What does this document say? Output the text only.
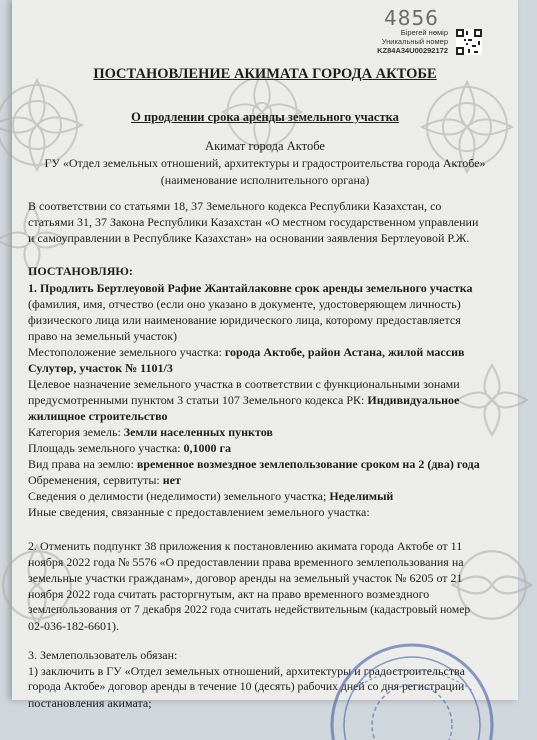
4856
Бірегей нөмір
Уникальный номер
KZ84A34U00292172
ПОСТАНОВЛЕНИЕ АКИМАТА ГОРОДА АКТОБЕ
О продлении срока аренды земельного участка
Акимат города Актобе
ГУ «Отдел земельных отношений, архитектуры и градостроительства города Актобе»
(наименование исполнительного органа)
В соответствии со статьями 18, 37 Земельного кодекса Республики Казахстан, со
статьями 31, 37 Закона Республики Казахстан «О местном государственном управлении
и самоуправлении в Республике Казахстан» на основании заявления Бертлеуовой Р.Ж.
ПОСТАНОВЛЯЮ:
1. Продлить Бертлеуовой Рафие Жантайлаковне срок аренды земельного участка
(фамилия, имя, отчество (если оно указано в документе, удостоверяющем личность)
физического лица или наименование юридического лица, которому предоставляется
право на земельный участок)
Местоположение земельного участка: города Актобе, район Астана, жилой массив
Сулутөр, участок № 1101/3
Целевое назначение земельного участка в соответствии с функциональными зонами
предусмотренными пунктом 3 статьи 107 Земельного кодекса РК: Индивидуальное
жилищное строительство
Категория земель: Земли населенных пунктов
Площадь земельного участка: 0,1000 га
Вид права на землю: временное возмездное землепользование сроком на 2 (два) года
Обременения, сервитуты: нет
Сведения о делимости (неделимости) земельного участка; Неделимый
Иные сведения, связанные с предоставлением земельного участка:
2. Отменить подпункт 38 приложения к постановлению акимата города Актобе от 11
ноября 2022 года № 5576 «О предоставлении права временного землепользования на
земельные участки гражданам», договор аренды на земельный участок № 6205 от 21
ноября 2022 года считать расторгнутым, акт на право временного возмездного
землепользования от 7 декабря 2022 года считать недействительным (кадастровый номер
02-036-182-6601).
3. Землепользователь обязан:
1) заключить в ГУ «Отдел земельных отношений, архитектуры и градостроительства
города Актобе» договор аренды в течение 10 (десять) рабочих дней со дня регистрации
постановления акимата;
